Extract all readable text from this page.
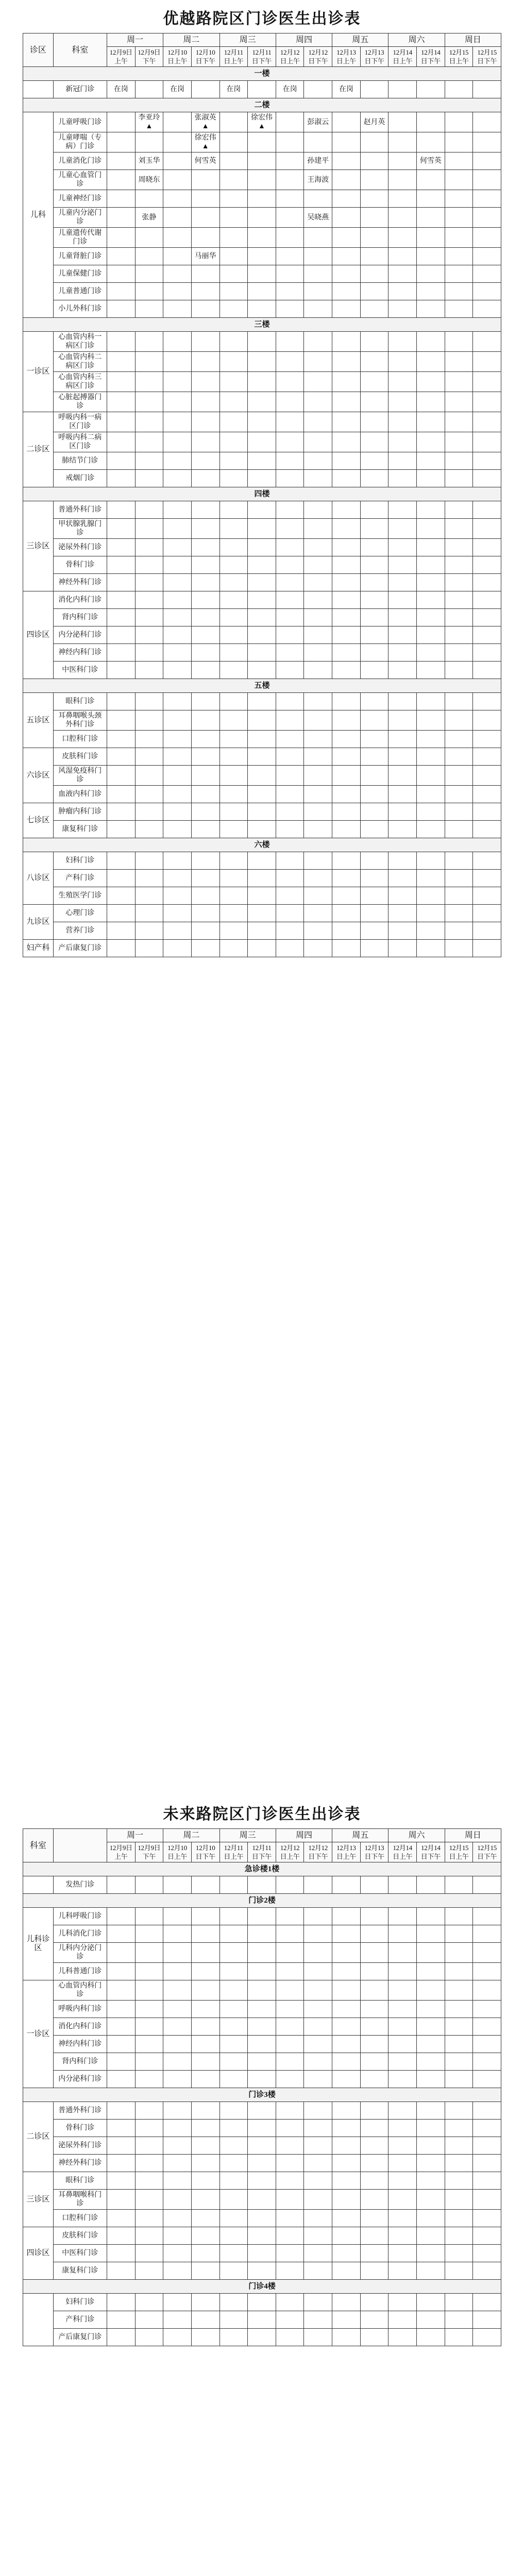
优越路院区门诊医生出诊表
诊区	科室	周一		周二		周三		周四		周五		周六		周日	
		12月9日上午	12月9日下午	12月10日上午	12月10日下午	12月11日上午	12月11日下午	12月12日上午	12月12日下午	12月13日上午	12月13日下午	12月14日上午	12月14日下午	12月15日上午	12月15日下午
一楼															
	新冠门诊	在岗		在岗		在岗		在岗		在岗					
二楼															
儿科	儿童呼吸门诊		李亚玲▲		张淑英▲		徐宏伟▲		彭淑云		赵月英				
	儿童哮喘（专病）门诊				徐宏伟▲										
	儿童消化门诊		刘玉华		何雪英				孙建平				何雪英		
	儿童心血管门诊		周晓东						王海波						
	儿童神经门诊														
	儿童内分泌门诊		张静						吴晓燕						
	儿童遗传代谢门诊														
	儿童肾脏门诊				马丽华										
	儿童保健门诊														
	儿童普通门诊														
	小儿外科门诊														
三楼															
一诊区	心血管内科一病区门诊														
	心血管内科二病区门诊														
	心血管内科三病区门诊														
	心脏起搏器门诊														
二诊区	呼吸内科一病区门诊														
	呼吸内科二病区门诊														
	肺结节门诊														
	戒烟门诊														
四楼															
三诊区	普通外科门诊														
	甲状腺乳腺门诊														
	泌尿外科门诊														
	骨科门诊														
	神经外科门诊														
四诊区	消化内科门诊														
	肾内科门诊														
	内分泌科门诊														
	神经内科门诊														
	中医科门诊														
五楼															
五诊区	眼科门诊														
	耳鼻咽喉头颈外科门诊														
	口腔科门诊														
六诊区	皮肤科门诊														
	风湿免疫科门诊														
	血液内科门诊														
七诊区	肿瘤内科门诊														
	康复科门诊														
六楼															
八诊区	妇科门诊														
	产科门诊														
	生殖医学门诊														
九诊区	心理门诊														
	营养门诊														
妇产科	产后康复门诊														
未来路院区门诊医生出诊表
科室		周一		周二		周三		周四		周五		周六		周日	
		12月9日上午	12月9日下午	12月10日上午	12月10日下午	12月11日上午	12月11日下午	12月12日上午	12月12日下午	12月13日上午	12月13日下午	12月14日上午	12月14日下午	12月15日上午	12月15日下午
急诊楼1楼															
	发热门诊														
门诊2楼															
儿科诊区	儿科呼吸门诊														
	儿科消化门诊														
	儿科内分泌门诊														
	儿科普通门诊														
一诊区	心血管内科门诊														
	呼吸内科门诊														
	消化内科门诊														
	神经内科门诊														
	肾内科门诊														
	内分泌科门诊														
门诊3楼															
二诊区	普通外科门诊														
	骨科门诊														
	泌尿外科门诊														
	神经外科门诊														
三诊区	眼科门诊														
	耳鼻咽喉科门诊														
	口腔科门诊														
四诊区	皮肤科门诊														
	中医科门诊														
	康复科门诊														
门诊4楼															
	妇科门诊														
	产科门诊														
	产后康复门诊														
